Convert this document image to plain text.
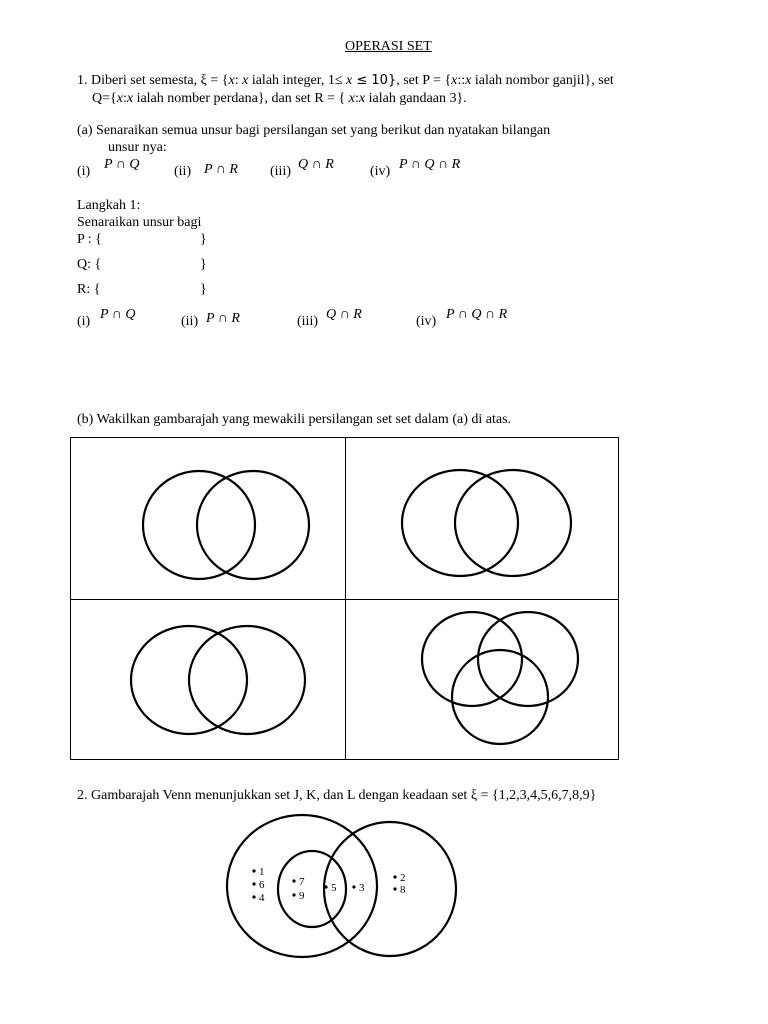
OPERASI SET
1. Diberi set semesta, ξ = {x: x ialah integer, 1≤ x ≤ 10}, set P = {x::x ialah nombor ganjil}, set
Q={x:x ialah nomber perdana}, dan set R = { x:x ialah gandaan 3}.
(a) Senaraikan semua unsur bagi persilangan set yang berikut dan nyatakan bilangan
unsur nya:
(i) P ∩ Q (ii) P ∩ R (iii) Q ∩ R	(iv) P ∩ Q ∩ R
Langkah 1:
Senaraikan unsur bagi
P : {	}
Q: {	}
R: {	}
(i) P ∩ Q	(ii) P ∩ R	(iii) Q ∩ R	(iv) P ∩ Q ∩ R
(b) Wakilkan gambarajah yang mewakili persilangan set set dalam (a) di atas.
1
6
4
7
9
5 3
2
8
2. Gambarajah Venn menunjukkan set J, K, dan L dengan keadaan set ξ = {1,2,3,4,5,6,7,8,9}
